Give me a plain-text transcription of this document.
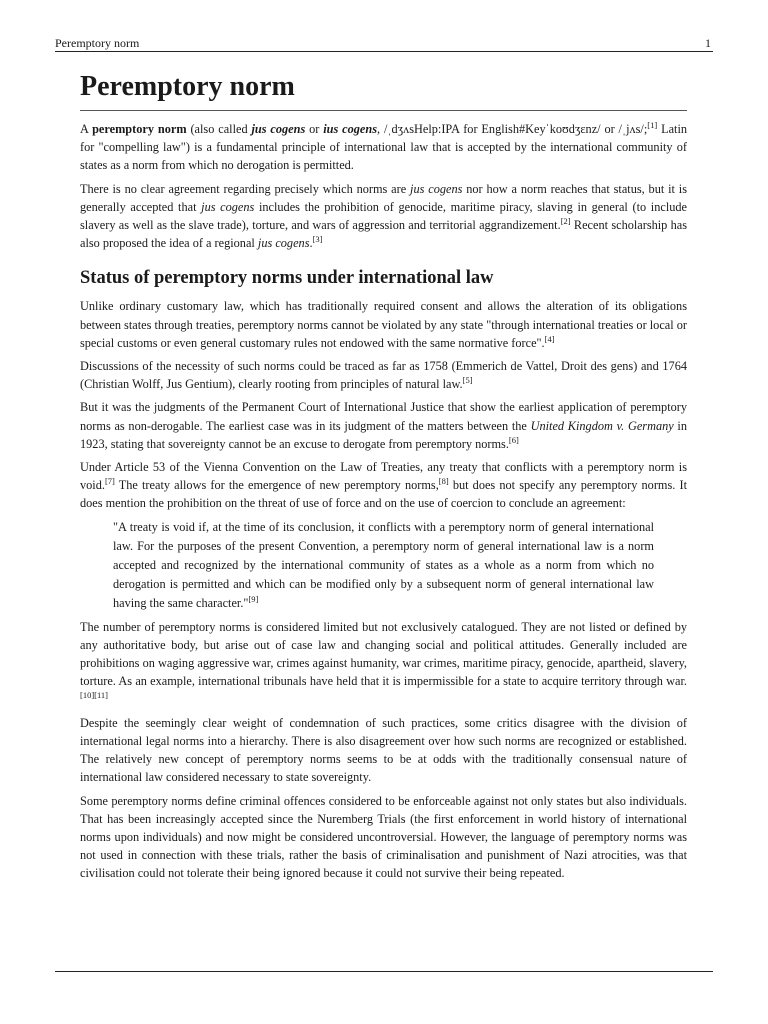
Peremptory norm	1
Peremptory norm

A peremptory norm (also called jus cogens or ius cogens, /ˌdʒʌsHelp:IPA for English#Keyˈkoʊdʒɛnz/ or /ˌjʌs/;[1] Latin for "compelling law") is a fundamental principle of international law that is accepted by the international community of states as a norm from which no derogation is permitted.

There is no clear agreement regarding precisely which norms are jus cogens nor how a norm reaches that status, but it is generally accepted that jus cogens includes the prohibition of genocide, maritime piracy, slaving in general (to include slavery as well as the slave trade), torture, and wars of aggression and territorial aggrandizement.[2] Recent scholarship has also proposed the idea of a regional jus cogens.[3]

Status of peremptory norms under international law

Unlike ordinary customary law, which has traditionally required consent and allows the alteration of its obligations between states through treaties, peremptory norms cannot be violated by any state "through international treaties or local or special customs or even general customary rules not endowed with the same normative force".[4]

Discussions of the necessity of such norms could be traced as far as 1758 (Emmerich de Vattel, Droit des gens) and 1764 (Christian Wolff, Jus Gentium), clearly rooting from principles of natural law.[5]

But it was the judgments of the Permanent Court of International Justice that show the earliest application of peremptory norms as non-derogable. The earliest case was in its judgment of the matters between the United Kingdom v. Germany in 1923, stating that sovereignty cannot be an excuse to derogate from peremptory norms.[6]

Under Article 53 of the Vienna Convention on the Law of Treaties, any treaty that conflicts with a peremptory norm is void.[7] The treaty allows for the emergence of new peremptory norms,[8] but does not specify any peremptory norms. It does mention the prohibition on the threat of use of force and on the use of coercion to conclude an agreement:

"A treaty is void if, at the time of its conclusion, it conflicts with a peremptory norm of general international law. For the purposes of the present Convention, a peremptory norm of general international law is a norm accepted and recognized by the international community of states as a whole as a norm from which no derogation is permitted and which can be modified only by a subsequent norm of general international law having the same character."[9]

The number of peremptory norms is considered limited but not exclusively catalogued. They are not listed or defined by any authoritative body, but arise out of case law and changing social and political attitudes. Generally included are prohibitions on waging aggressive war, crimes against humanity, war crimes, maritime piracy, genocide, apartheid, slavery, torture. As an example, international tribunals have held that it is impermissible for a state to acquire territory through war.[10][11]

Despite the seemingly clear weight of condemnation of such practices, some critics disagree with the division of international legal norms into a hierarchy. There is also disagreement over how such norms are recognized or established. The relatively new concept of peremptory norms seems to be at odds with the traditionally consensual nature of international law considered necessary to state sovereignty.

Some peremptory norms define criminal offences considered to be enforceable against not only states but also individuals. That has been increasingly accepted since the Nuremberg Trials (the first enforcement in world history of international norms upon individuals) and now might be considered uncontroversial. However, the language of peremptory norms was not used in connection with these trials, rather the basis of criminalisation and punishment of Nazi atrocities, was that civilisation could not tolerate their being ignored because it could not survive their being repeated.
